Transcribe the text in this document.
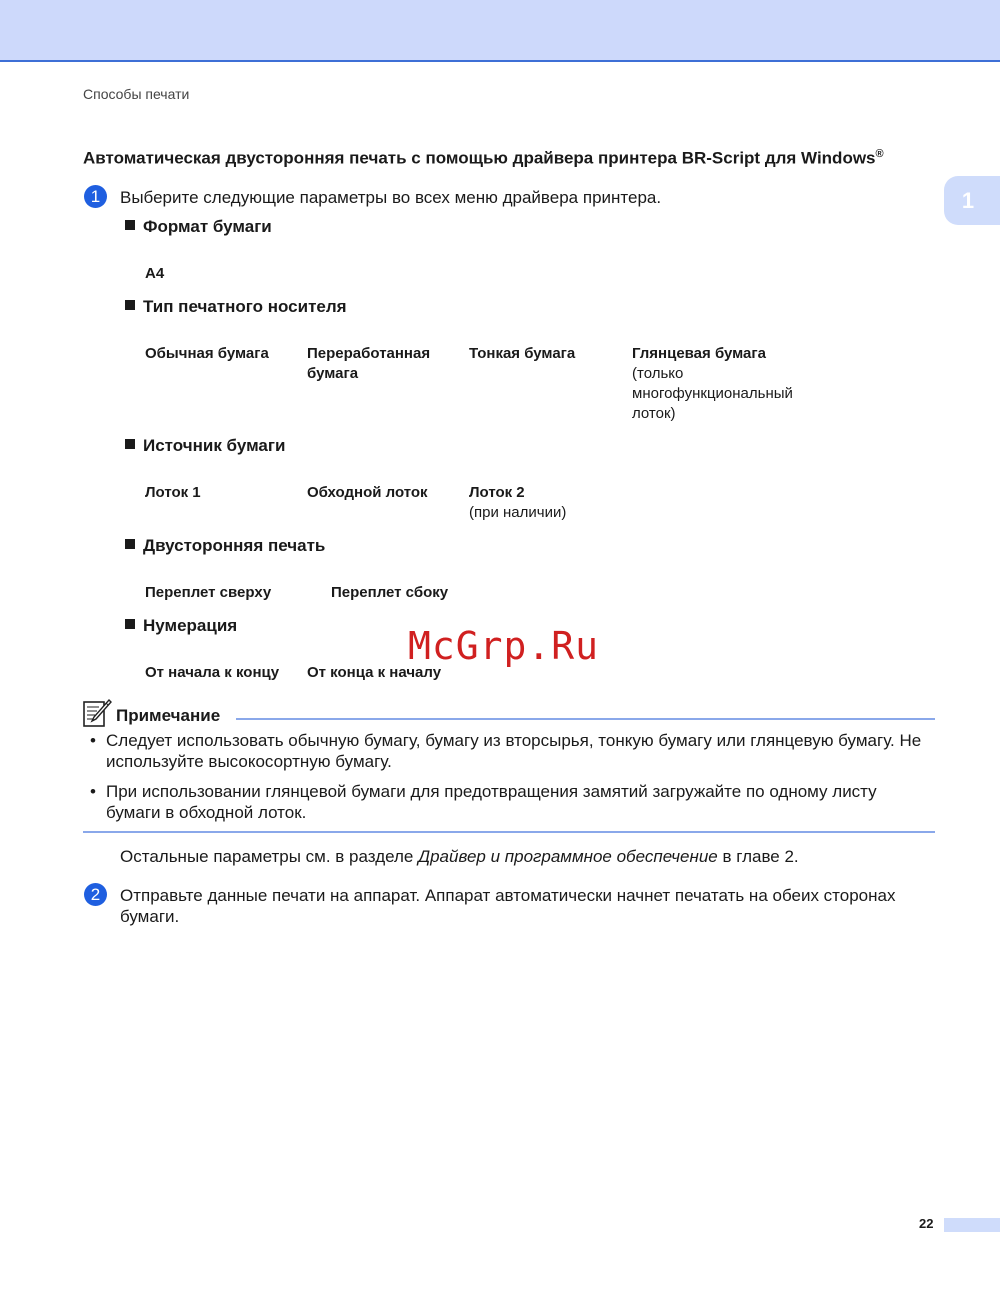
Способы печати
1
Автоматическая двусторонняя печать с помощью драйвера принтера BR-Script для Windows®
1	Выберите следующие параметры во всех меню драйвера принтера.
Формат бумаги
A4
Тип печатного носителя
Обычная бумага	Переработанная бумага
Тонкая бумага	Глянцевая бумага
(только многофункциональный лоток)
Источник бумаги
Лоток 1	Обходной лоток	Лоток 2
(при наличии)
Двусторонняя печать
Переплет сверху	Переплет сбоку
Нумерация
От начала к концу От конца к началу
McGrp.Ru
Примечание
• Следует использовать обычную бумагу, бумагу из вторсырья, тонкую бумагу или глянцевую бумагу. Не используйте высокосортную бумагу.
• При использовании глянцевой бумаги для предотвращения замятий загружайте по одному листу бумаги в обходной лоток.
Остальные параметры см. в разделе Драйвер и программное обеспечение в главе 2.
2	Отправьте данные печати на аппарат. Аппарат автоматически начнет печатать на обеих сторонах бумаги.
22
